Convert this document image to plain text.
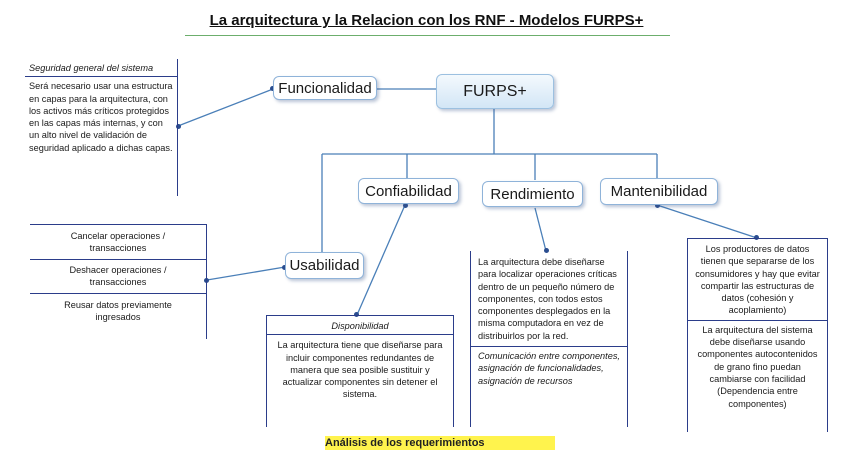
La arquitectura y la Relacion con los RNF - Modelos FURPS+
FURPS+
Funcionalidad
Confiabilidad	Rendimiento	Mantenibilidad
Usabilidad
Seguridad general del sistema
Será necesario usar una estructura en capas para la arquitectura, con los activos más críticos protegidos en las capas más internas, y con un alto nivel de validación de seguridad aplicado a dichas capas.
Cancelar operaciones / transacciones
Deshacer operaciones / transacciones
Reusar datos previamente ingresados
Disponibilidad
La arquitectura tiene que diseñarse para incluir componentes redundantes de manera que sea posible sustituir y actualizar componentes sin detener el sistema.
La arquitectura debe diseñarse para localizar operaciones críticas dentro de un pequeño número de componentes, con todos estos componentes desplegados en la misma computadora en vez de distribuirlos por la red.
Comunicación entre componentes, asignación de funcionalidades, asignación de recursos
Los productores de datos tienen que separarse de los consumidores y hay que evitar compartir las estructuras de datos (cohesión y acoplamiento)
La arquitectura del sistema debe diseñarse usando componentes autocontenidos de grano fino puedan cambiarse con facilidad (Dependencia entre componentes)
Análisis de los requerimientos
